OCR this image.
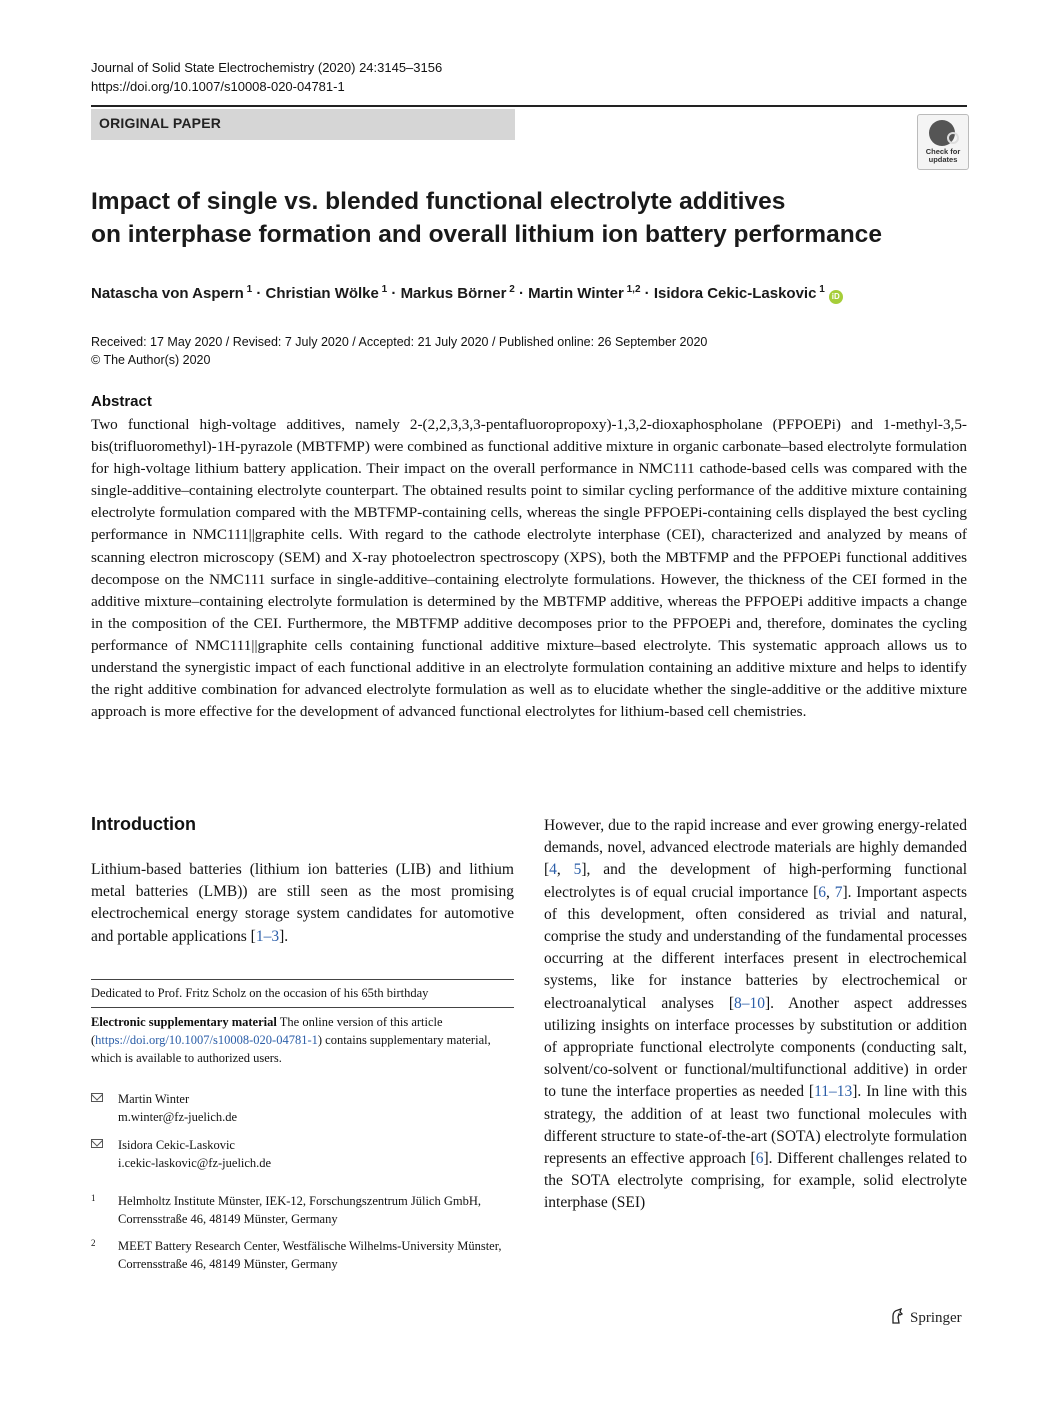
Journal of Solid State Electrochemistry (2020) 24:3145–3156
https://doi.org/10.1007/s10008-020-04781-1
ORIGINAL PAPER
Check for updates
Impact of single vs. blended functional electrolyte additives
on interphase formation and overall lithium ion battery performance
Natascha von Aspern $^1$ · Christian Wölke $^1$ · Markus Börner $^2$ · Martin Winter $^{1,2}$ · Isidora Cekic-Laskovic $^1$iD
Received: 17 May 2020 / Revised: 7 July 2020 / Accepted: 21 July 2020 / Published online: 26 September 2020
© The Author(s) 2020
Abstract
Two functional high-voltage additives, namely 2-(2,2,3,3,3-pentafluoropropoxy)-1,3,2-dioxaphospholane (PFPOEPi) and 1-methyl-3,5-bis(trifluoromethyl)-1H-pyrazole (MBTFMP) were combined as functional additive mixture in organic carbonate–based electrolyte formulation for high-voltage lithium battery application. Their impact on the overall performance in NMC111 cathode-based cells was compared with the single-additive–containing electrolyte counterpart. The obtained results point to similar cycling performance of the additive mixture containing electrolyte formulation compared with the MBTFMP-containing cells, whereas the single PFPOEPi-containing cells displayed the best cycling performance in NMC111||graphite cells. With regard to the cathode electrolyte interphase (CEI), characterized and analyzed by means of scanning electron microscopy (SEM) and X-ray photoelectron spectroscopy (XPS), both the MBTFMP and the PFPOEPi functional additives decompose on the NMC111 surface in single-additive–containing electrolyte formulations. However, the thickness of the CEI formed in the additive mixture–containing electrolyte formulation is determined by the MBTFMP additive, whereas the PFPOEPi additive impacts a change in the composition of the CEI. Furthermore, the MBTFMP additive decomposes prior to the PFPOEPi and, therefore, dominates the cycling performance of NMC111||graphite cells containing functional additive mixture–based electrolyte. This systematic approach allows us to understand the synergistic impact of each functional additive in an electrolyte formulation containing an additive mixture and helps to identify the right additive combination for advanced electrolyte formulation as well as to elucidate whether the single-additive or the additive mixture approach is more effective for the development of advanced functional electrolytes for lithium-based cell chemistries.
Introduction
Lithium-based batteries (lithium ion batteries (LIB) and lithium metal batteries (LMB)) are still seen as the most promising electrochemical energy storage system candidates for automotive and portable applications [1–3].
However, due to the rapid increase and ever growing energy-related demands, novel, advanced electrode materials are highly demanded [4, 5], and the development of high-performing functional electrolytes is of equal crucial importance [6, 7]. Important aspects of this development, often considered as trivial and natural, comprise the study and understanding of the fundamental processes occurring at the different interfaces present in electrochemical systems, like for instance batteries by electrochemical or electroanalytical analyses [8–10]. Another aspect addresses utilizing insights on interface processes by substitution or addition of appropriate functional electrolyte components (conducting salt, solvent/co-solvent or functional/multifunctional additive) in order to tune the interface properties as needed [11–13]. In line with this strategy, the addition of at least two functional molecules with different structure to state-of-the-art (SOTA) electrolyte formulation represents an effective approach [6]. Different challenges related to the SOTA electrolyte comprising, for example, solid electrolyte interphase (SEI)
Dedicated to Prof. Fritz Scholz on the occasion of his 65th birthday
Electronic supplementary material The online version of this article (https://doi.org/10.1007/s10008-020-04781-1) contains supplementary material, which is available to authorized users.
Martin Winter
m.winter@fz-juelich.de
Isidora Cekic-Laskovic
i.cekic-laskovic@fz-juelich.de
1 Helmholtz Institute Münster, IEK-12, Forschungszentrum Jülich GmbH, Corrensstraße 46, 48149 Münster, Germany
2 MEET Battery Research Center, Westfälische Wilhelms-University Münster, Corrensstraße 46, 48149 Münster, Germany
Springer
